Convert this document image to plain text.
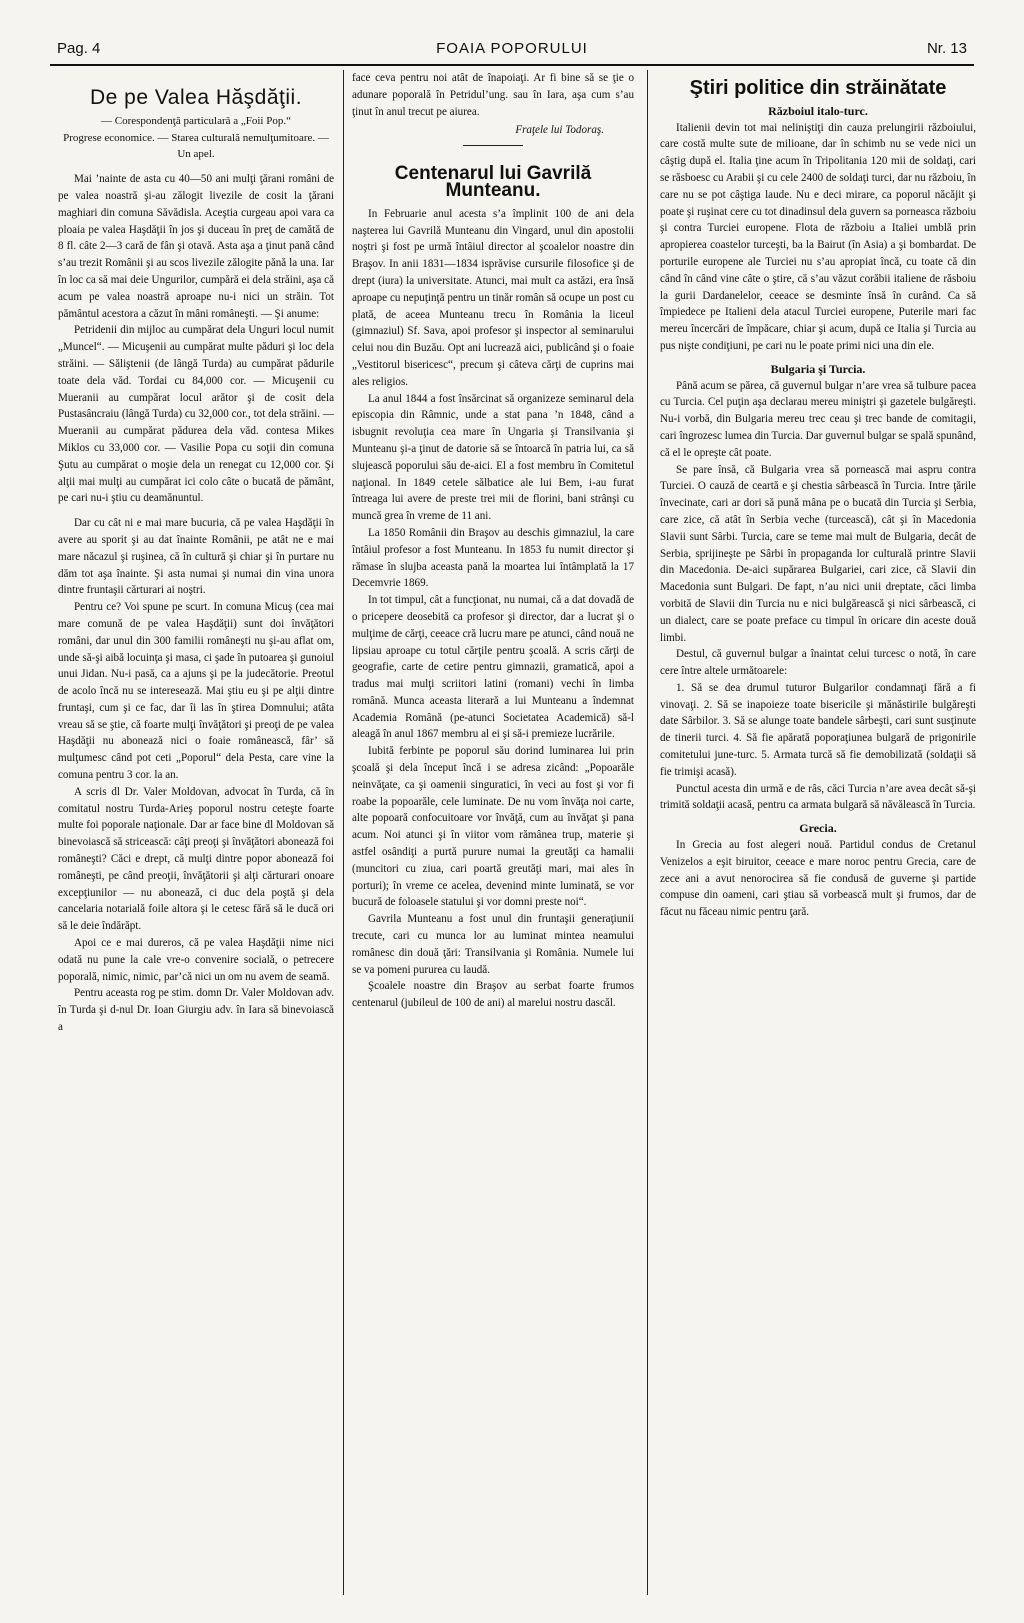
Pag. 4	FOAIA POPORULUI	Nr. 13
De pe Valea Hăşdăţii.
— Corespondenţă particulară a „Foii Pop.“
Progrese economice. — Starea culturală nemulţumitoare. — Un apel.

Mai ’nainte de asta cu 40—50 ani mulţi ţărani români de pe valea noastră şi-au zălogit livezile de cosit la ţărani maghiari din comuna Săvădisla. Aceştia curgeau apoi vara ca ploaia pe valea Haşdăţii în jos şi duceau în preţ de camătă de 8 fl. câte 2—3 cară de fân şi otavă. Asta aşa a ţinut pană când s’au trezit Românii şi au scos livezile zălogite pănă la una. Iar în loc ca să mai deie Ungurilor, cumpără ei dela străini, aşa că acum pe valea noastră aproape nu-i nici un străin. Tot pământul acestora a căzut în mâni româneşti. — Şi anume:

Petridenii din mijloc au cumpărat dela Unguri locul numit „Muncel“. — Micuşenii au cumpărat multe păduri şi loc dela străini. — Săliştenii (de lângă Turda) au cumpărat pădurile toate dela văd. Tordai cu 84,000 cor. — Micuşenii cu Mueranii au cumpărat locul arător şi de cosit dela Pustasâncraiu (lângă Turda) cu 32,000 cor., tot dela străini. — Mueranii au cumpărat pădurea dela văd. contesa Mikes Miklos cu 33,000 cor. — Vasilie Popa cu soţii din comuna Şutu au cumpărat o moşie dela un renegat cu 12,000 cor. Şi alţii mai mulţi au cumpărat ici colo câte o bucată de pământ, pe cari nu-i ştiu cu deamănuntul.

Dar cu cât ni e mai mare bucuria, că pe valea Haşdăţii în avere au sporit şi au dat înainte Românii, pe atât ne e mai mare năcazul şi ruşinea, că în cultură şi chiar şi în purtare nu dăm tot aşa înainte. Şi asta numai şi numai din vina unora dintre fruntaşii cărturari ai noştri.

Pentru ce? Voi spune pe scurt. In comuna Micuş (cea mai mare comună de pe valea Haşdăţii) sunt doi învăţători români, dar unul din 300 familii româneşti nu şi-au aflat om, unde să-şi aibă locuinţa şi masa, ci şade în putoarea şi gunoiul unui Jidan. Nu-i pasă, ca a ajuns şi pe la judecătorie. Preotul de acolo încă nu se interesează. Mai ştiu eu şi pe alţii dintre fruntaşi, cum şi ce fac, dar îi las în ştirea Domnului; atâta vreau să se ştie, că foarte mulţi învăţători şi preoţi de pe valea Haşdăţii nu abonează nici o foaie românească, fâr’ să mulţumesc când pot ceti „Poporul“ dela Pesta, care vine la comuna pentru 3 cor. la an.

A scris dl Dr. Valer Moldovan, advocat în Turda, că în comitatul nostru Turda-Arieş poporul nostru ceteşte foarte multe foi poporale naţionale. Dar ar face bine dl Moldovan să binevoiască să stricească: câţi preoţi şi învăţători abonează foi româneşti? Căci e drept, că mulţi dintre popor abonează foi româneşti, pe când preoţii, învăţătorii şi alţi cărturari onoare excepţiunilor — nu abonează, ci duc dela poştă şi dela cancelaria notarială foile altora şi le cetesc fără să le ducă ori să le deie îndărăpt.

Apoi ce e mai dureros, că pe valea Haşdăţii nime nici odată nu pune la cale vre-o convenire socială, o petrecere poporală, nimic, nimic, par’că nici un om nu avem de seamă.

Pentru aceasta rog pe stim. domn Dr. Valer Moldovan adv. în Turda şi d-nul Dr. Ioan Giurgiu adv. în Iara să binevoiască a

face ceva pentru noi atât de înapoiaţi. Ar fi bine să se ţie o adunare poporală în Petridul’ung. sau în Iara, aşa cum s’au ţinut în anul trecut pe aiurea.

Fraţele lui Todoraş.
Centenarul lui Gavrilă Munteanu.

In Februarie anul acesta s’a împlinit 100 de ani dela naşterea lui Gavrilă Munteanu din Vingard, unul din apostolii noştri şi fost pe urmă întâiul director al şcoalelor noastre din Braşov. In anii 1831—1834 isprăvise cursurile filosofice şi de drept (iura) la universitate. Atunci, mai mult ca astăzi, era însă aproape cu nepuţinţă pentru un tinăr român să ocupe un post cu plată, de aceea Munteanu trecu în România la liceul (gimnaziul) Sf. Sava, apoi profesor şi inspector al seminarului celui nou din Buzău. Opt ani lucrează aici, publicând şi o foaie „Vestitorul bisericesc“, precum şi câteva cărţi de cuprins mai ales religios.

La anul 1844 a fost însărcinat să organizeze seminarul dela episcopia din Râmnic, unde a stat pana ’n 1848, când a isbugnit revoluţia cea mare în Ungaria şi Transilvania şi Munteanu şi-a ţinut de datorie să se întoarcă în patria lui, ca să slujească poporului său de-aici. El a fost membru în Comitetul naţional. In 1849 cetele sălbatice ale lui Bem, i-au furat întreaga lui avere de preste trei mii de florini, bani strânşi cu muncă grea în vreme de 11 ani.

La 1850 Românii din Braşov au deschis gimnaziul, la care întâiul profesor a fost Munteanu. In 1853 fu numit director şi rămase în slujba aceasta pană la moartea lui întâmplată la 17 Decemvrie 1869.

In tot timpul, cât a funcţionat, nu numai, că a dat dovadă de o pricepere deosebită ca profesor şi director, dar a lucrat şi o mulţime de cărţi, ceeace cră lucru mare pe atunci, când nouă ne lipsiau aproape cu totul cărţile pentru şcoală. A scris cărţi de geografie, carte de cetire pentru gimnazii, gramatică, apoi a tradus mai mulţi scriitori latini (romani) vechi în limba română. Munca aceasta literară a lui Munteanu a îndemnat Academia Română (pe-atunci Societatea Academică) să-l aleagă în anul 1867 membru al ei şi să-i premieze lucrările.

Iubită ferbinte pe poporul său dorind luminarea lui prin şcoală şi dela început încă i se adresa zicând: „Popoarăle neinvăţate, ca şi oamenii singuratici, în veci au fost şi vor fi roabe la popoarăle, cele luminate. De nu vom învăţa noi carte, alte popoară confocuitoare vor învăţă, cum au învăţat şi pana acum. Noi atunci şi în viitor vom rămânea trup, materie şi astfel osândiţi a purtă purure numai la greutăţi ca hamalii (muncitori cu ziua, cari poartă greutăţi mari, mai ales în porturi); în vreme ce acelea, devenind minte luminată, se vor bucură de foloasele statului şi vor domni preste noi“.

Gavrila Munteanu a fost unul din fruntaşii generaţiunii trecute, cari cu munca lor au luminat mintea neamului românesc din două ţări: Transilvania şi România. Numele lui se va pomeni pururea cu laudă.

Şcoalele noastre din Braşov au serbat foarte frumos centenarul (jubileul de 100 de ani) al marelui nostru dascăl.

Ştiri politice din străinătate
Războiul italo-turc.

Italienii devin tot mai neliniştiţi din cauza prelungirii războiului, care costă multe sute de milioane, dar în schimb nu se vede nici un câştig după el. Italia ţine acum în Tripolitania 120 mii de soldaţi, cari se răsboesc cu Arabii şi cu cele 2400 de soldaţi turci, dar nu războiu, în care nu se pot câştiga laude. Nu e deci mirare, ca poporul năcăjit şi poate şi ruşinat cere cu tot dinadinsul dela guvern sa porneasca războiu şi contra Turciei europene. Flota de războiu a Italiei umblă prin apropierea coastelor turceşti, ba la Bairut (în Asia) a şi bombardat. De porturile europene ale Turciei nu s’au apropiat încă, cu toate că din când în când vine câte o ştire, că s’au văzut corăbii italiene de răsboiu la gurii Dardanelelor, ceeace se desminte însă în curând. Ca să împiedece pe Italieni dela atacul Turciei europene, Puterile mari fac mereu încercări de împăcare, chiar şi acum, după ce Italia şi Turcia au pus nişte condiţiuni, pe cari nu le poate primi nici una din ele.

Bulgaria şi Turcia.

Până acum se părea, că guvernul bulgar n’are vrea să tulbure pacea cu Turcia. Cel puţin aşa declarau mereu miniştri şi gazetele bulgăreşti. Nu-i vorbă, din Bulgaria mereu trec ceau şi trec bande de comitagii, cari îngrozesc lumea din Turcia. Dar guvernul bulgar se spală spunând, că el le opreşte cât poate.

Se pare însă, că Bulgaria vrea să pornească mai aspru contra Turciei. O cauză de ceartă e şi chestia sârbească în Turcia. Intre ţările învecinate, cari ar dori să pună mâna pe o bucată din Turcia şi Serbia, care zice, că atât în Serbia veche (turcească), cât şi în Macedonia Slavii sunt Sârbi. Turcia, care se teme mai mult de Bulgaria, decât de Serbia, sprijineşte pe Sârbi în propaganda lor culturală printre Slavii din Macedonia. De-aici supărarea Bulgariei, cari zice, că Slavii din Macedonia sunt Bulgari. De fapt, n’au nici unii dreptate, căci limba vorbită de Slavii din Turcia nu e nici bulgărească şi nici sârbească, ci un dialect, care se poate preface cu timpul în oricare din aceste două limbi.

Destul, că guvernul bulgar a înaintat celui turcesc o notă, în care cere între altele următoarele:

1. Să se dea drumul tuturor Bulgarilor condamnaţi fără a fi vinovaţi. 2. Să se inapoieze toate bisericile şi mănăstirile bulgăreşti date Sârbilor. 3. Să se alunge toate bandele sârbeşti, cari sunt susţinute de tinerii turci. 4. Să fie apărată poporaţiunea bulgară de prigonirile comitetului june-turc. 5. Armata turcă să fie demobilizată (soldaţii să fie trimişi acasă).

Punctul acesta din urmă e de râs, căci Turcia n’are avea decât să-şi trimită soldaţii acasă, pentru ca armata bulgară să năvălească în Turcia.

Grecia.

In Grecia au fost alegeri nouă. Partidul condus de Cretanul Venizelos a eşit biruitor, ceeace e mare noroc pentru Grecia, care de zece ani a avut nenorocirea să fie condusă de guverne şi partide compuse din oameni, cari ştiau să vorbească mult şi frumos, dar de făcut nu făceau nimic pentru ţară.
